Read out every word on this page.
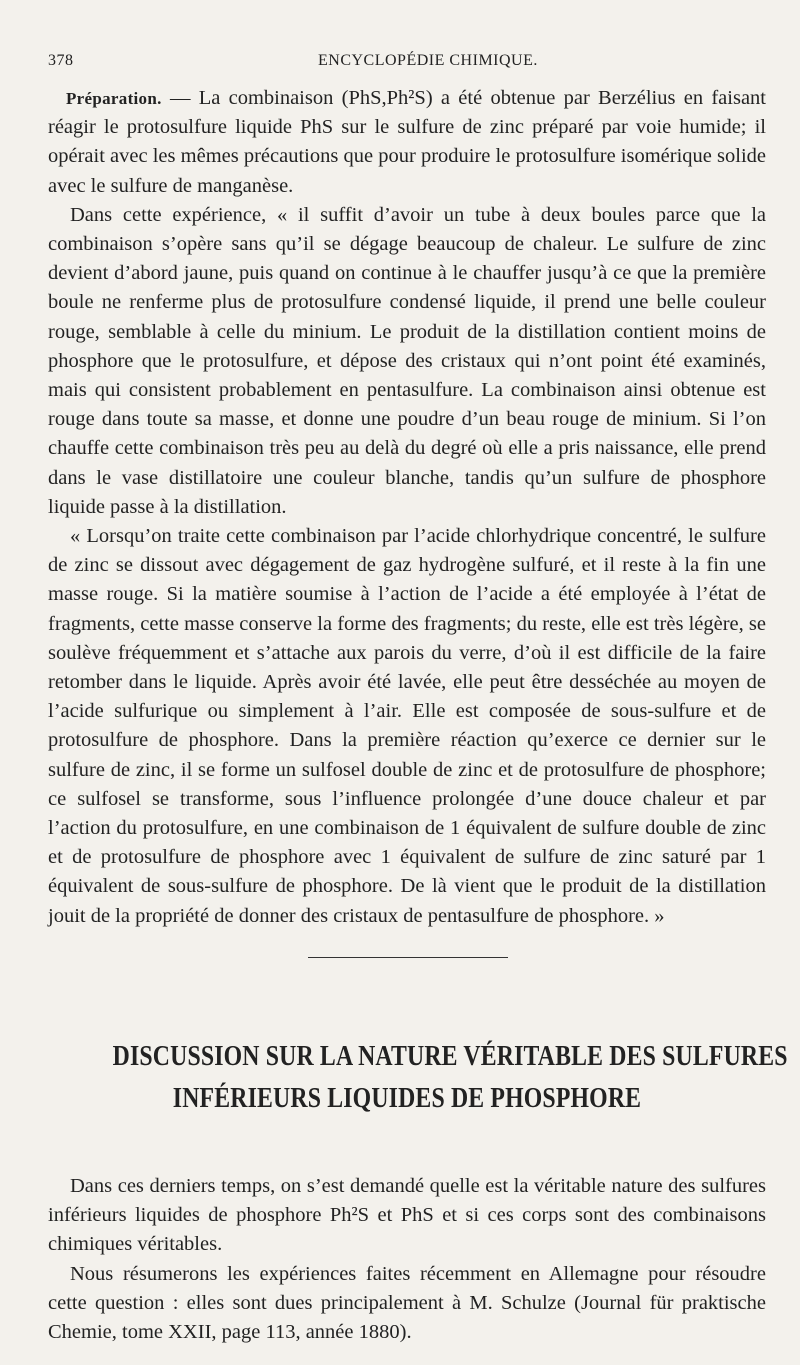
378	ENCYCLOPÉDIE CHIMIQUE.

Préparation. — La combinaison (PhS,Ph²S) a été obtenue par Berzélius en faisant réagir le protosulfure liquide PhS sur le sulfure de zinc préparé par voie humide; il opérait avec les mêmes précautions que pour produire le protosulfure isomérique solide avec le sulfure de manganèse.

Dans cette expérience, « il suffit d’avoir un tube à deux boules parce que la combinaison s’opère sans qu’il se dégage beaucoup de chaleur. Le sulfure de zinc devient d’abord jaune, puis quand on continue à le chauffer jusqu’à ce que la première boule ne renferme plus de protosulfure condensé liquide, il prend une belle couleur rouge, semblable à celle du minium. Le produit de la distillation contient moins de phosphore que le protosulfure, et dépose des cristaux qui n’ont point été examinés, mais qui consistent probablement en pentasulfure. La combinaison ainsi obtenue est rouge dans toute sa masse, et donne une poudre d’un beau rouge de minium. Si l’on chauffe cette combinaison très peu au delà du degré où elle a pris naissance, elle prend dans le vase distillatoire une couleur blanche, tandis qu’un sulfure de phosphore liquide passe à la distillation.

« Lorsqu’on traite cette combinaison par l’acide chlorhydrique concentré, le sulfure de zinc se dissout avec dégagement de gaz hydrogène sulfuré, et il reste à la fin une masse rouge. Si la matière soumise à l’action de l’acide a été employée à l’état de fragments, cette masse conserve la forme des fragments; du reste, elle est très légère, se soulève fréquemment et s’attache aux parois du verre, d’où il est difficile de la faire retomber dans le liquide. Après avoir été lavée, elle peut être desséchée au moyen de l’acide sulfurique ou simplement à l’air. Elle est composée de sous-sulfure et de protosulfure de phosphore. Dans la première réaction qu’exerce ce dernier sur le sulfure de zinc, il se forme un sulfosel double de zinc et de protosulfure de phosphore; ce sulfosel se transforme, sous l’influence prolongée d’une douce chaleur et par l’action du protosulfure, en une combinaison de 1 équivalent de sulfure double de zinc et de protosulfure de phosphore avec 1 équivalent de sulfure de zinc saturé par 1 équivalent de sous-sulfure de phosphore. De là vient que le produit de la distillation jouit de la propriété de donner des cristaux de pentasulfure de phosphore. »

DISCUSSION SUR LA NATURE VÉRITABLE DES SULFURES
INFÉRIEURS LIQUIDES DE PHOSPHORE

Dans ces derniers temps, on s’est demandé quelle est la véritable nature des sulfures inférieurs liquides de phosphore Ph²S et PhS et si ces corps sont des combinaisons chimiques véritables.

Nous résumerons les expériences faites récemment en Allemagne pour résoudre cette question : elles sont dues principalement à M. Schulze (Journal für praktische Chemie, tome XXII, page 113, année 1880).
